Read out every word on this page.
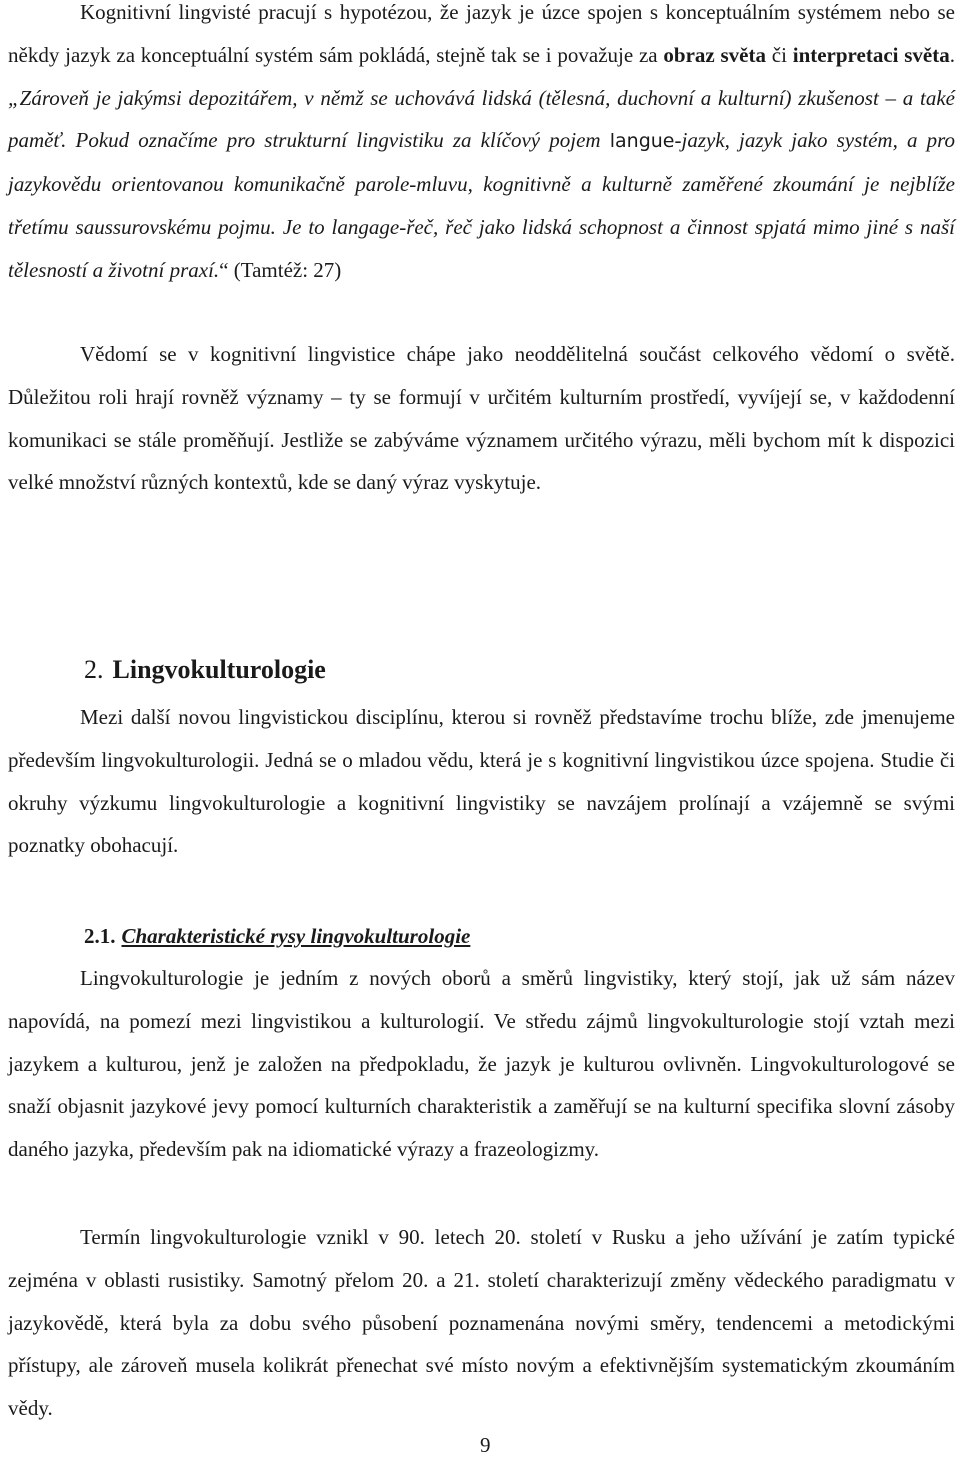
Kognitivní lingvisté pracují s hypotézou, že jazyk je úzce spojen s konceptuálním systémem nebo se někdy jazyk za konceptuální systém sám pokládá, stejně tak se i považuje za obraz světa či interpretaci světa. „Zároveň je jakýmsi depozitářem, v němž se uchovává lidská (tělesná, duchovní a kulturní) zkušenost – a také paměť. Pokud označíme pro strukturní lingvistiku za klíčový pojem langue-jazyk, jazyk jako systém, a pro jazykovědu orientovanou komunikačně parole-mluvu, kognitivně a kulturně zaměřené zkoumání je nejblíže třetímu saussurovskému pojmu. Je to langage-řeč, řeč jako lidská schopnost a činnost spjatá mimo jiné s naší tělesností a životní praxí.“ (Tamtéž: 27)

Vědomí se v kognitivní lingvistice chápe jako neoddělitelná součást celkového vědomí o světě. Důležitou roli hrají rovněž významy – ty se formují v určitém kulturním prostředí, vyvíjejí se, v každodenní komunikaci se stále proměňují. Jestliže se zabýváme významem určitého výrazu, měli bychom mít k dispozici velké množství různých kontextů, kde se daný výraz vyskytuje.

2. Lingvokulturologie

Mezi další novou lingvistickou disciplínu, kterou si rovněž představíme trochu blíže, zde jmenujeme především lingvokulturologii. Jedná se o mladou vědu, která je s kognitivní lingvistikou úzce spojena. Studie či okruhy výzkumu lingvokulturologie a kognitivní lingvistiky se navzájem prolínají a vzájemně se svými poznatky obohacují.

2.1. Charakteristické rysy lingvokulturologie

Lingvokulturologie je jedním z nových oborů a směrů lingvistiky, který stojí, jak už sám název napovídá, na pomezí mezi lingvistikou a kulturologií. Ve středu zájmů lingvokulturologie stojí vztah mezi jazykem a kulturou, jenž je založen na předpokladu, že jazyk je kulturou ovlivněn. Lingvokulturologové se snaží objasnit jazykové jevy pomocí kulturních charakteristik a zaměřují se na kulturní specifika slovní zásoby daného jazyka, především pak na idiomatické výrazy a frazeologizmy.

Termín lingvokulturologie vznikl v 90. letech 20. století v Rusku a jeho užívání je zatím typické zejména v oblasti rusistiky. Samotný přelom 20. a 21. století charakterizují změny vědeckého paradigmatu v jazykovědě, která byla za dobu svého působení poznamenána novými směry, tendencemi a metodickými přístupy, ale zároveň musela kolikrát přenechat své místo novým a efektivnějším systematickým zkoumáním vědy.

9
